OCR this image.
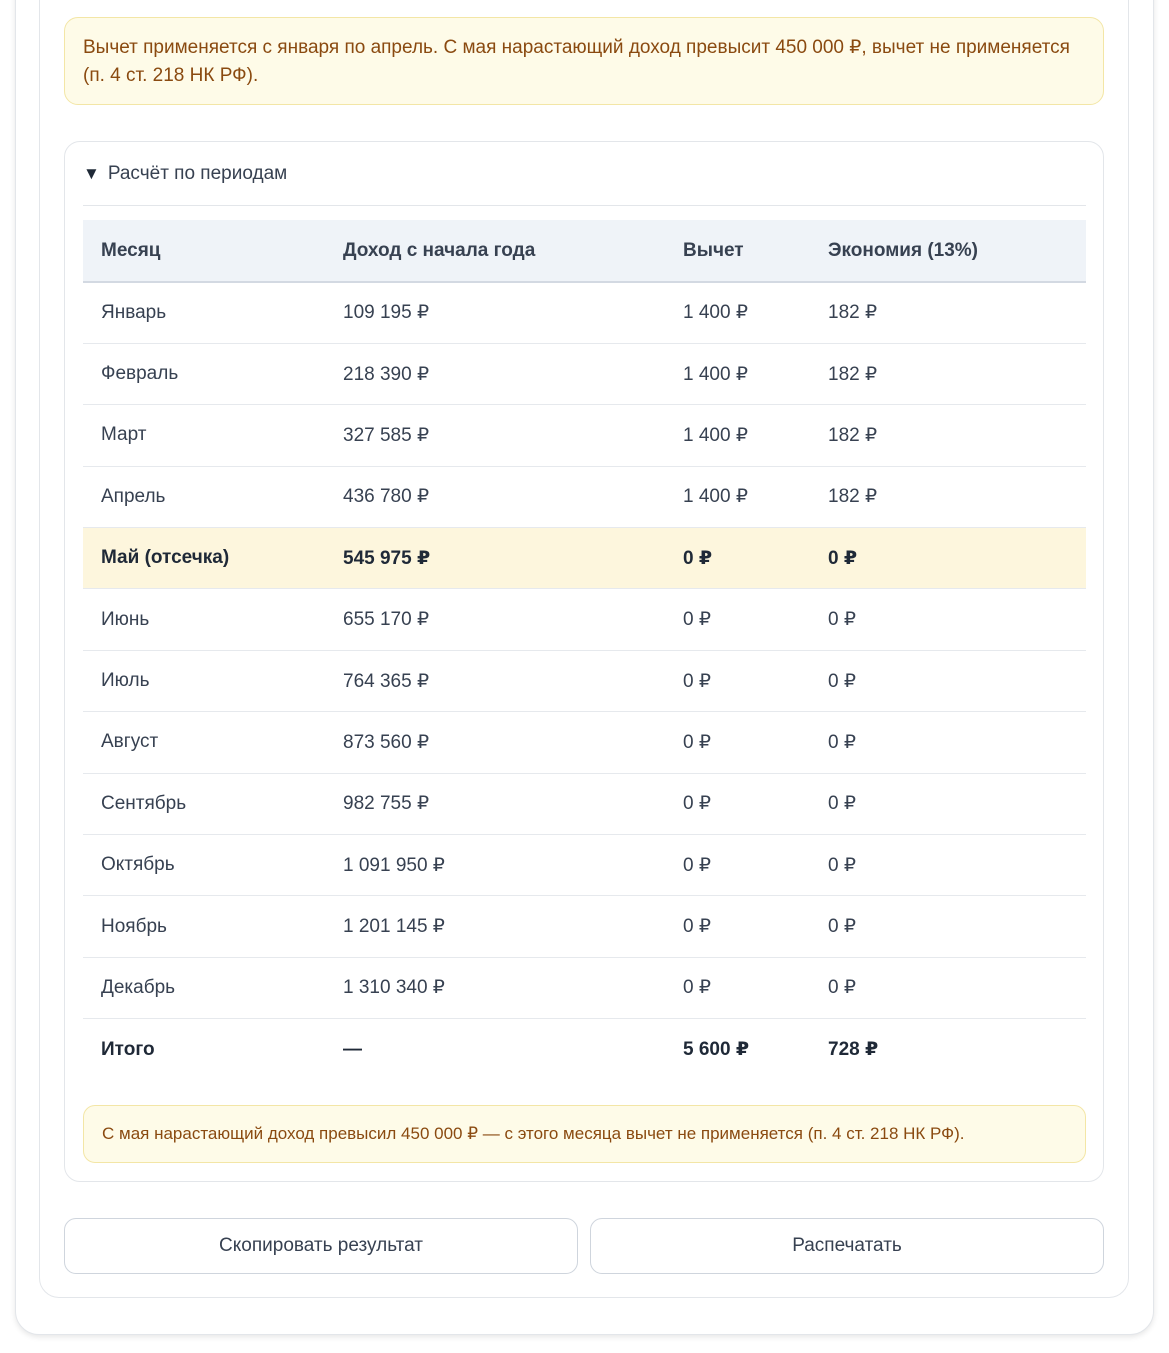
Вычет применяется с января по апрель. С мая нарастающий доход превысит 450 000 ₽, вычет не применяется (п. 4 ст. 218 НК РФ).
▼ Расчёт по периодам
Месяц	Доход с начала года	Вычет	Экономия (13%)
Январь	109 195 ₽	1 400 ₽	182 ₽
Февраль	218 390 ₽	1 400 ₽	182 ₽
Март	327 585 ₽	1 400 ₽	182 ₽
Апрель	436 780 ₽	1 400 ₽	182 ₽
Май (отсечка)	545 975 ₽	0 ₽	0 ₽
Июнь	655 170 ₽	0 ₽	0 ₽
Июль	764 365 ₽	0 ₽	0 ₽
Август	873 560 ₽	0 ₽	0 ₽
Сентябрь	982 755 ₽	0 ₽	0 ₽
Октябрь	1 091 950 ₽	0 ₽	0 ₽
Ноябрь	1 201 145 ₽	0 ₽	0 ₽
Декабрь	1 310 340 ₽	0 ₽	0 ₽
Итого	—	5 600 ₽	728 ₽
С мая нарастающий доход превысил 450 000 ₽ — с этого месяца вычет не применяется (п. 4 ст. 218 НК РФ).
Скопировать результат	Распечатать
